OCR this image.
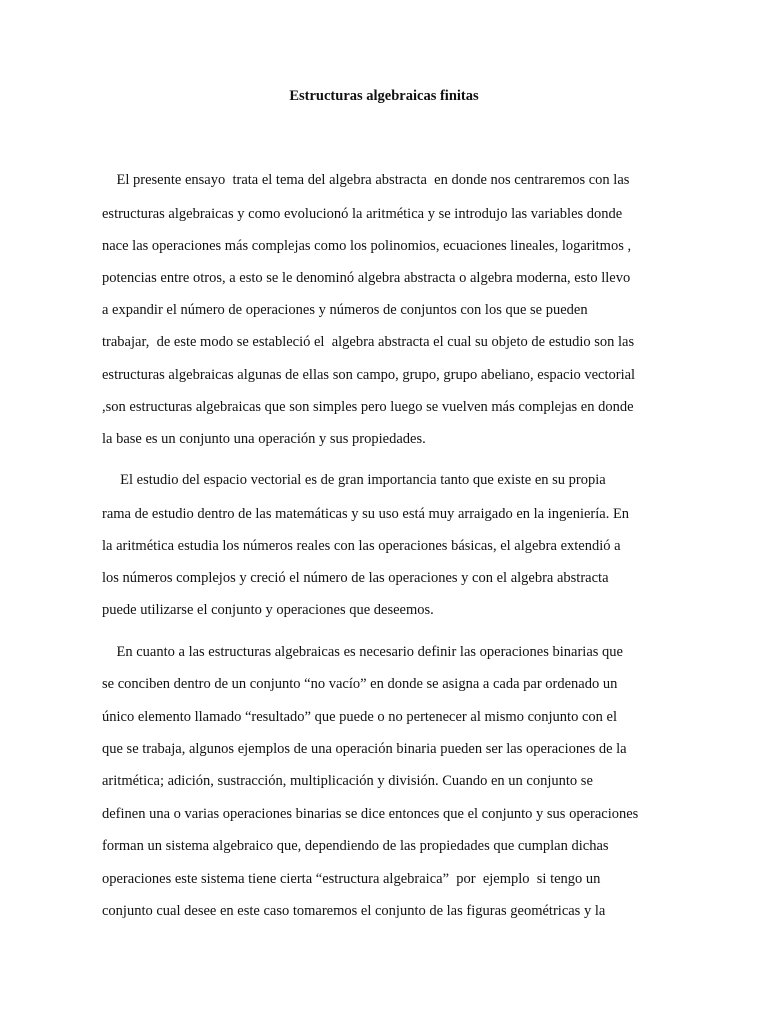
Estructuras algebraicas finitas

El presente ensayo  trata el tema del algebra abstracta  en donde nos centraremos con las

estructuras algebraicas y como evolucionó la aritmética y se introdujo las variables donde

nace las operaciones más complejas como los polinomios, ecuaciones lineales, logaritmos ,

potencias entre otros, a esto se le denominó algebra abstracta o algebra moderna, esto llevo

a expandir el número de operaciones y números de conjuntos con los que se pueden

trabajar,  de este modo se estableció el  algebra abstracta el cual su objeto de estudio son las

estructuras algebraicas algunas de ellas son campo, grupo, grupo abeliano, espacio vectorial

,son estructuras algebraicas que son simples pero luego se vuelven más complejas en donde

la base es un conjunto una operación y sus propiedades.

El estudio del espacio vectorial es de gran importancia tanto que existe en su propia

rama de estudio dentro de las matemáticas y su uso está muy arraigado en la ingeniería. En

la aritmética estudia los números reales con las operaciones básicas, el algebra extendió a

los números complejos y creció el número de las operaciones y con el algebra abstracta

puede utilizarse el conjunto y operaciones que deseemos.

En cuanto a las estructuras algebraicas es necesario definir las operaciones binarias que

se conciben dentro de un conjunto “no vacío” en donde se asigna a cada par ordenado un

único elemento llamado “resultado” que puede o no pertenecer al mismo conjunto con el

que se trabaja, algunos ejemplos de una operación binaria pueden ser las operaciones de la

aritmética; adición, sustracción, multiplicación y división. Cuando en un conjunto se

definen una o varias operaciones binarias se dice entonces que el conjunto y sus operaciones

forman un sistema algebraico que, dependiendo de las propiedades que cumplan dichas

operaciones este sistema tiene cierta “estructura algebraica”  por  ejemplo  si tengo un

conjunto cual desee en este caso tomaremos el conjunto de las figuras geométricas y la
